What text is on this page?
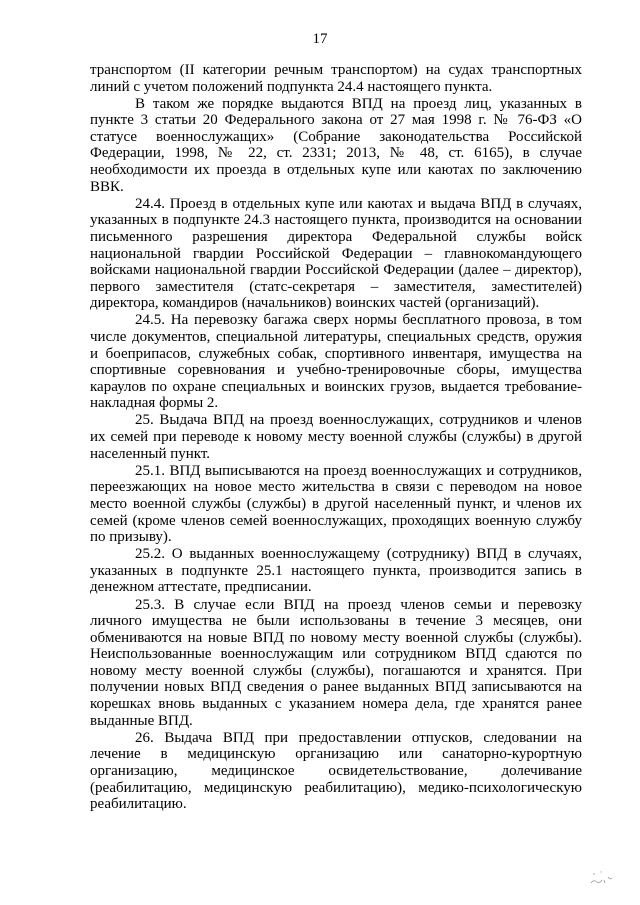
17

транспортом (II категории речным транспортом) на судах транспортных линий с учетом положений подпункта 24.4 настоящего пункта.

В таком же порядке выдаются ВПД на проезд лиц, указанных в пункте 3 статьи 20 Федерального закона от 27 мая 1998 г. № 76-ФЗ «О статусе военнослужащих» (Собрание законодательства Российской Федерации, 1998, № 22, ст. 2331; 2013, № 48, ст. 6165), в случае необходимости их проезда в отдельных купе или каютах по заключению ВВК.

24.4. Проезд в отдельных купе или каютах и выдача ВПД в случаях, указанных в подпункте 24.3 настоящего пункта, производится на основании письменного разрешения директора Федеральной службы войск национальной гвардии Российской Федерации – главнокомандующего войсками национальной гвардии Российской Федерации (далее – директор), первого заместителя (статс-секретаря – заместителя, заместителей) директора, командиров (начальников) воинских частей (организаций).

24.5. На перевозку багажа сверх нормы бесплатного провоза, в том числе документов, специальной литературы, специальных средств, оружия и боеприпасов, служебных собак, спортивного инвентаря, имущества на спортивные соревнования и учебно-тренировочные сборы, имущества караулов по охране специальных и воинских грузов, выдается требование-накладная формы 2.

25. Выдача ВПД на проезд военнослужащих, сотрудников и членов их семей при переводе к новому месту военной службы (службы) в другой населенный пункт.

25.1. ВПД выписываются на проезд военнослужащих и сотрудников, переезжающих на новое место жительства в связи с переводом на новое место военной службы (службы) в другой населенный пункт, и членов их семей (кроме членов семей военнослужащих, проходящих военную службу по призыву).

25.2. О выданных военнослужащему (сотруднику) ВПД в случаях, указанных в подпункте 25.1 настоящего пункта, производится запись в денежном аттестате, предписании.

25.3. В случае если ВПД на проезд членов семьи и перевозку личного имущества не были использованы в течение 3 месяцев, они обмениваются на новые ВПД по новому месту военной службы (службы). Неиспользованные военнослужащим или сотрудником ВПД сдаются по новому месту военной службы (службы), погашаются и хранятся. При получении новых ВПД сведения о ранее выданных ВПД записываются на корешках вновь выданных с указанием номера дела, где хранятся ранее выданные ВПД.

26. Выдача ВПД при предоставлении отпусков, следовании на лечение в медицинскую организацию или санаторно-курортную организацию, медицинское освидетельствование, долечивание (реабилитацию, медицинскую реабилитацию), медико-психологическую реабилитацию.
